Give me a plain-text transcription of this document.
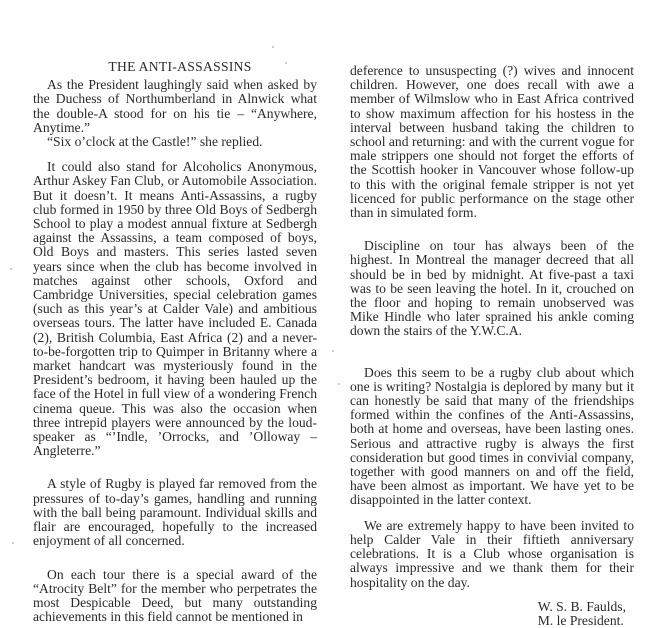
THE ANTI-ASSASSINS

As the President laughingly said when asked by the Duchess of Northumberland in Alnwick what the double-A stood for on his tie – “Anywhere, Anytime.”

“Six o’clock at the Castle!” she replied.

It could also stand for Alcoholics Anonymous, Arthur Askey Fan Club, or Automobile Association. But it doesn’t. It means Anti-Assassins, a rugby club formed in 1950 by three Old Boys of Sedbergh School to play a modest annual fixture at Sedbergh against the Assassins, a team composed of boys, Old Boys and masters. This series lasted seven years since when the club has become involved in matches against other schools, Oxford and Cambridge Universities, special celebration games (such as this year’s at Calder Vale) and ambitious overseas tours. The latter have included E. Canada (2), British Columbia, East Africa (2) and a never-to-be-forgotten trip to Quimper in Britanny where a market handcart was mysteriously found in the President’s bedroom, it having been hauled up the face of the Hotel in full view of a wondering French cinema queue. This was also the occasion when three intrepid players were announced by the loud-speaker as “’Indle, ’Orrocks, and ’Olloway – Angleterre.”

A style of Rugby is played far removed from the pressures of to-day’s games, handling and running with the ball being paramount. Individual skills and flair are encouraged, hopefully to the increased enjoyment of all concerned.

On each tour there is a special award of the “Atrocity Belt” for the member who perpetrates the most Despicable Deed, but many outstanding achievements in this field cannot be mentioned in

deference to unsuspecting (?) wives and innocent children. However, one does recall with awe a member of Wilmslow who in East Africa contrived to show maximum affection for his hostess in the interval between husband taking the children to school and returning: and with the current vogue for male strippers one should not forget the efforts of the Scottish hooker in Vancouver whose follow-up to this with the original female stripper is not yet licenced for public performance on the stage other than in simulated form.

Discipline on tour has always been of the highest. In Montreal the manager decreed that all should be in bed by midnight. At five-past a taxi was to be seen leaving the hotel. In it, crouched on the floor and hoping to remain unobserved was Mike Hindle who later sprained his ankle coming down the stairs of the Y.W.C.A.

Does this seem to be a rugby club about which one is writing? Nostalgia is deplored by many but it can honestly be said that many of the friendships formed within the confines of the Anti-Assassins, both at home and overseas, have been lasting ones. Serious and attractive rugby is always the first consideration but good times in convivial company, together with good manners on and off the field, have been almost as important. We have yet to be disappointed in the latter context.

We are extremely happy to have been invited to help Calder Vale in their fiftieth anniversary celebrations. It is a Club whose organisation is always impressive and we thank them for their hospitality on the day.

W. S. B. Faulds,
M. le President.
